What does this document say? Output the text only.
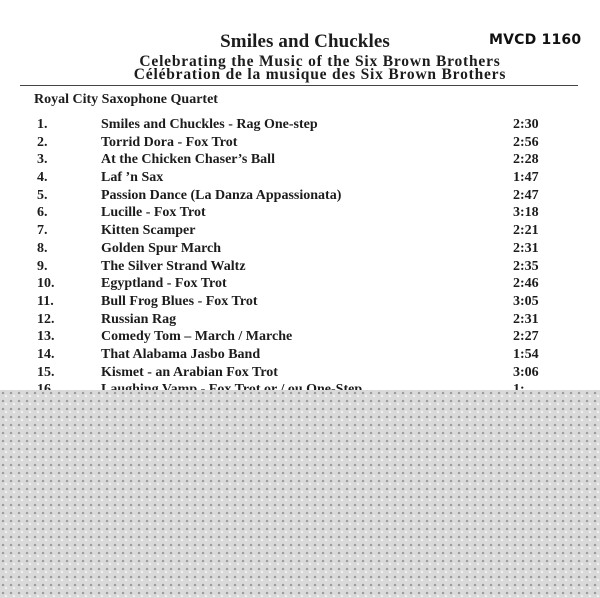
Smiles and Chuckles	MVCD 1160
Celebrating the Music of the Six Brown Brothers
Célébration de la musique des Six Brown Brothers
Royal City Saxophone Quartet
1.	Smiles and Chuckles - Rag One-step	2:30
2.	Torrid Dora - Fox Trot	2:56
3.	At the Chicken Chaser’s Ball	2:28
4.	Laf ’n Sax	1:47
5.	Passion Dance (La Danza Appassionata)	2:47
6.	Lucille - Fox Trot	3:18
7.	Kitten Scamper	2:21
8.	Golden Spur March	2:31
9.	The Silver Strand Waltz	2:35
10.	Egyptland - Fox Trot	2:46
11.	Bull Frog Blues - Fox Trot	3:05
12.	Russian Rag	2:31
13.	Comedy Tom – March / Marche	2:27
14.	That Alabama Jasbo Band	1:54
15.	Kismet - an Arabian Fox Trot	3:06
